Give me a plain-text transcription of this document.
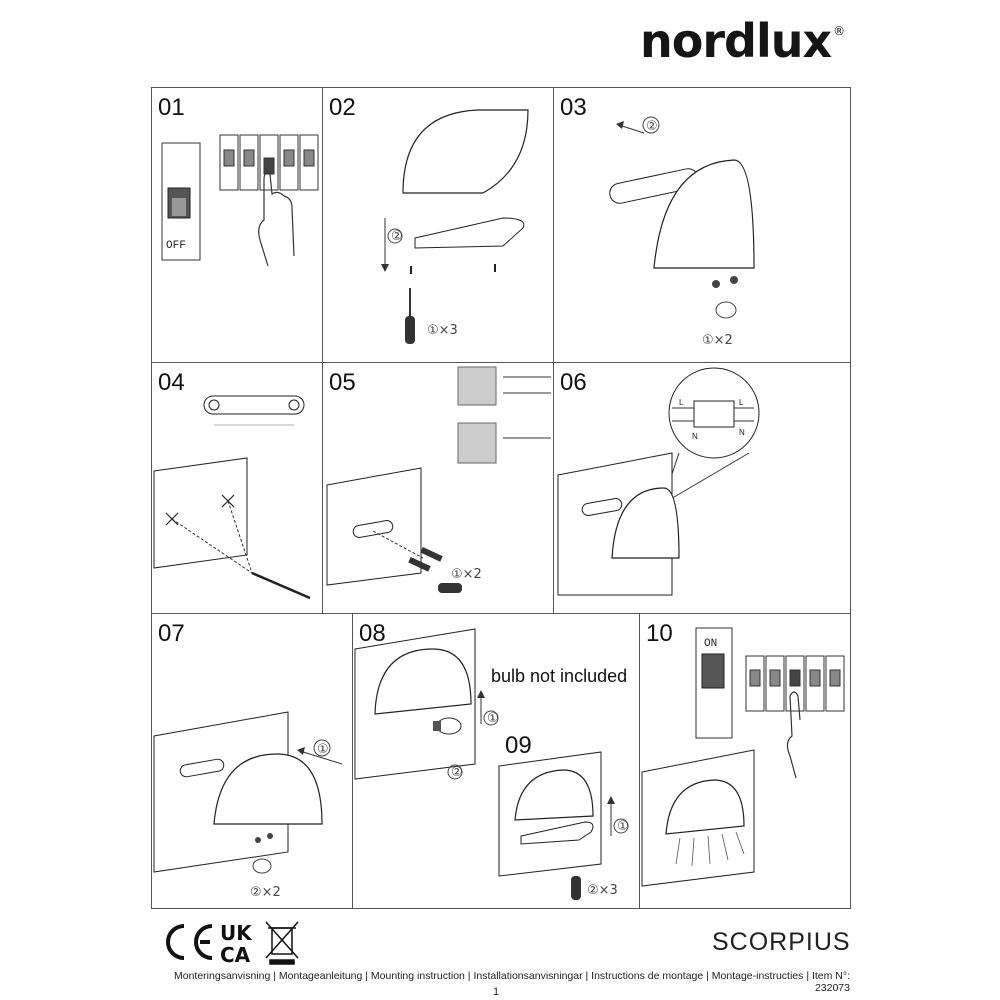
nordlux ®
01
OFF
02
②
①×3
03
②
①×2
04	05
①×2
06
L
N
L
N
07
①
②×2
08
bulb not included
①
②
09
①
②×3
10	ON
UK
CA	SCORPIUS
Monteringsanvisning | Montageanleitung | Mounting instruction | Installationsanvisningar | Instructions de montage | Montage-instructies | Item N°: 232073
1
